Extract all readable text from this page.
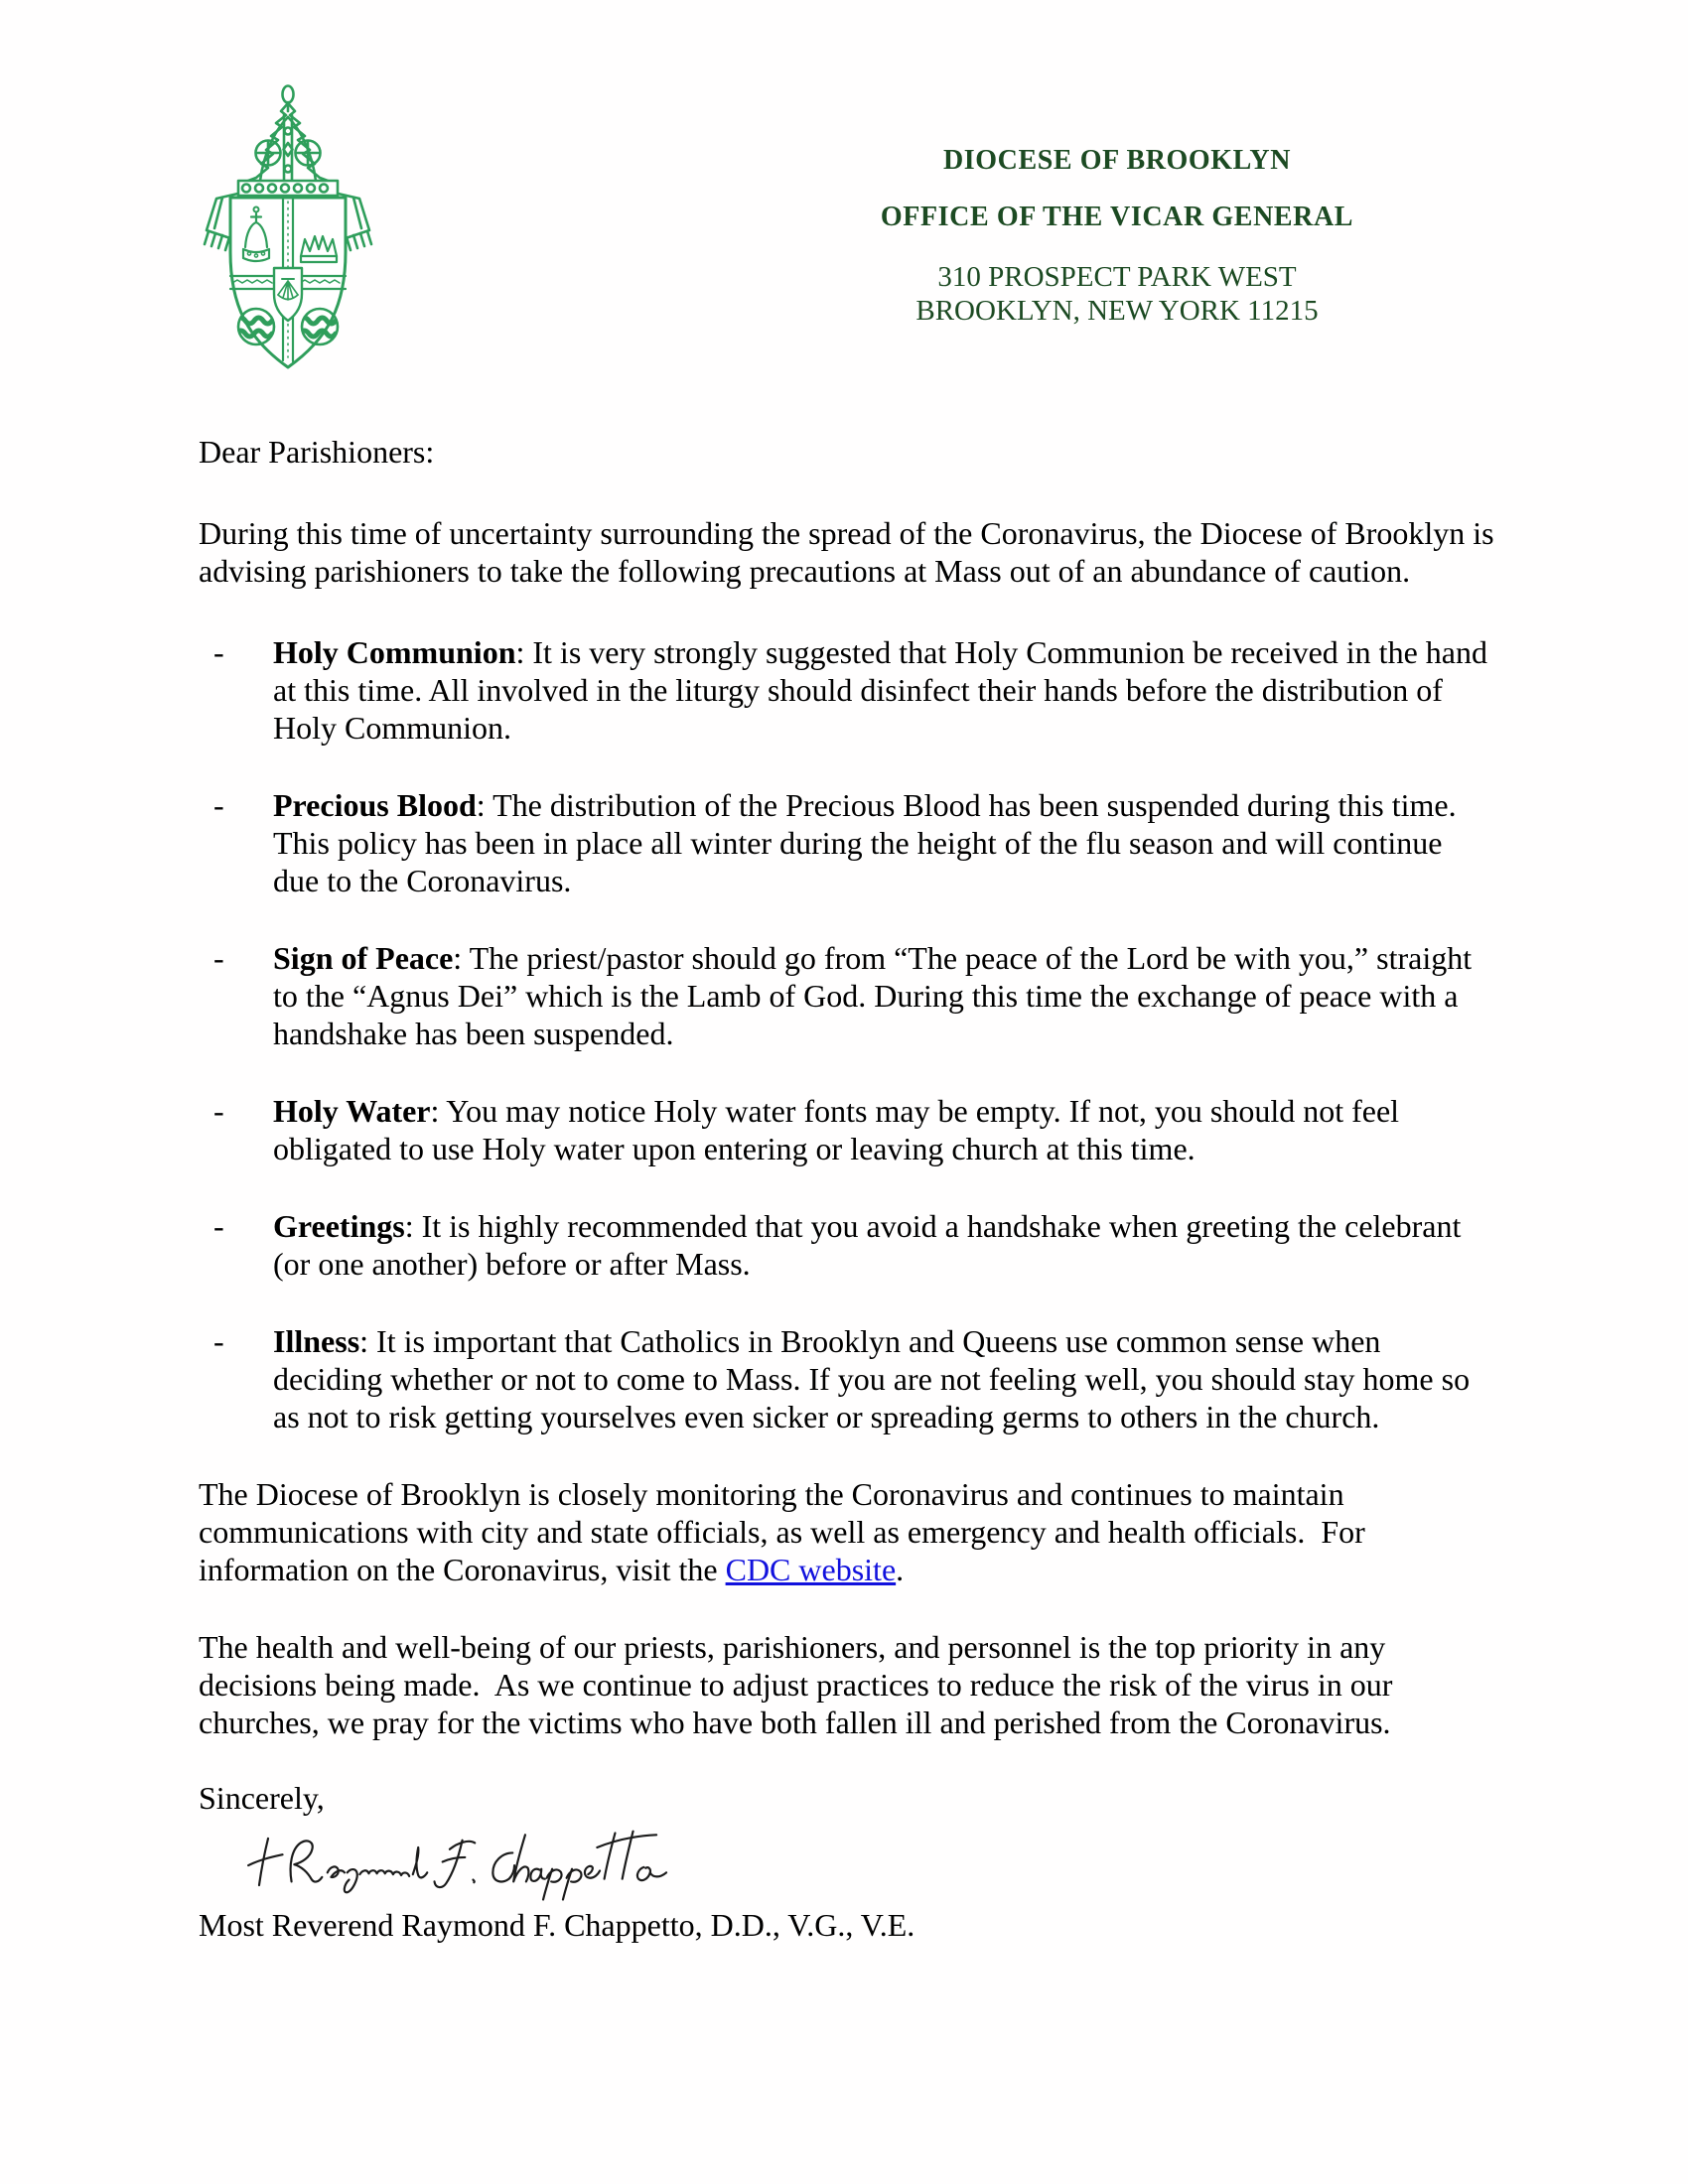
DIOCESE OF BROOKLYN
OFFICE OF THE VICAR GENERAL
310 PROSPECT PARK WEST
BROOKLYN, NEW YORK 11215

Dear Parishioners:

During this time of uncertainty surrounding the spread of the Coronavirus, the Diocese of Brooklyn is advising parishioners to take the following precautions at Mass out of an abundance of caution.

-	Holy Communion: It is very strongly suggested that Holy Communion be received in the hand at this time. All involved in the liturgy should disinfect their hands before the distribution of Holy Communion.
-	Precious Blood: The distribution of the Precious Blood has been suspended during this time. This policy has been in place all winter during the height of the flu season and will continue due to the Coronavirus.
-	Sign of Peace: The priest/pastor should go from “The peace of the Lord be with you,” straight to the “Agnus Dei” which is the Lamb of God. During this time the exchange of peace with a handshake has been suspended.
-	Holy Water: You may notice Holy water fonts may be empty. If not, you should not feel obligated to use Holy water upon entering or leaving church at this time.
-	Greetings: It is highly recommended that you avoid a handshake when greeting the celebrant (or one another) before or after Mass.
-	Illness: It is important that Catholics in Brooklyn and Queens use common sense when deciding whether or not to come to Mass. If you are not feeling well, you should stay home so as not to risk getting yourselves even sicker or spreading germs to others in the church.

The Diocese of Brooklyn is closely monitoring the Coronavirus and continues to maintain communications with city and state officials, as well as emergency and health officials.  For information on the Coronavirus, visit the CDC website.

The health and well-being of our priests, parishioners, and personnel is the top priority in any decisions being made.  As we continue to adjust practices to reduce the risk of the virus in our churches, we pray for the victims who have both fallen ill and perished from the Coronavirus.

Sincerely,

Most Reverend Raymond F. Chappetto, D.D., V.G., V.E.
